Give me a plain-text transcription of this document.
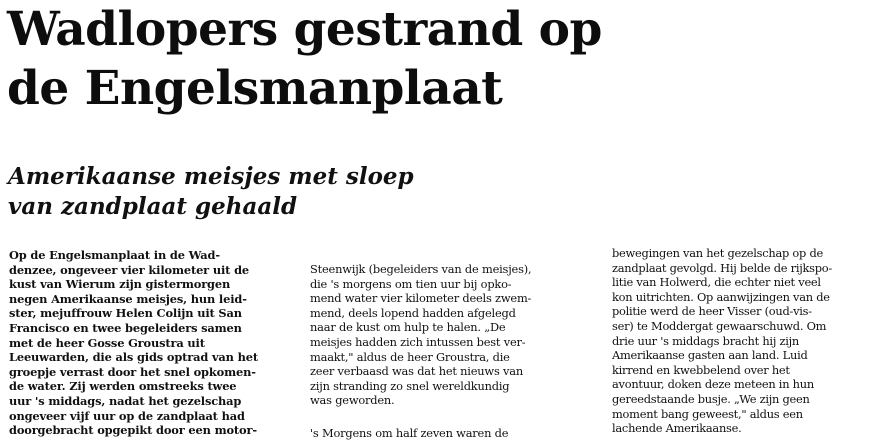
Wadlopers gestrand op
de Engelsmanplaat
Amerikaanse meisjes met sloep
van zandplaat gehaald
Op de Engelsmanplaat in de Wad-
denzee, ongeveer vier kilometer uit de
kust van Wierum zijn gistermorgen
negen Amerikaanse meisjes, hun leid-
ster, mejuffrouw Helen Colijn uit San
Francisco en twee begeleiders samen
met de heer Gosse Groustra uit
Leeuwarden, die als gids optrad van het
groepje verrast door het snel opkomen-
de water. Zij werden omstreeks twee
uur 's middags, nadat het gezelschap
ongeveer vijf uur op de zandplaat had
doorgebracht opgepikt door een motor-
Steenwijk (begeleiders van de meisjes),
die 's morgens om tien uur bij opko-
mend water vier kilometer deels zwem-
mend, deels lopend hadden afgelegd
naar de kust om hulp te halen. „De
meisjes hadden zich intussen best ver-
maakt," aldus de heer Groustra, die
zeer verbaasd was dat het nieuws van
zijn stranding zo snel wereldkundig
was geworden.
's Morgens om half zeven waren de
bewegingen van het gezelschap op de
zandplaat gevolgd. Hij belde de rijkspo-
litie van Holwerd, die echter niet veel
kon uitrichten. Op aanwijzingen van de
politie werd de heer Visser (oud-vis-
ser) te Moddergat gewaarschuwd. Om
drie uur 's middags bracht hij zijn
Amerikaanse gasten aan land. Luid
kirrend en kwebbelend over het
avontuur, doken deze meteen in hun
gereedstaande busje. „We zijn geen
moment bang geweest," aldus een
lachende Amerikaanse.
